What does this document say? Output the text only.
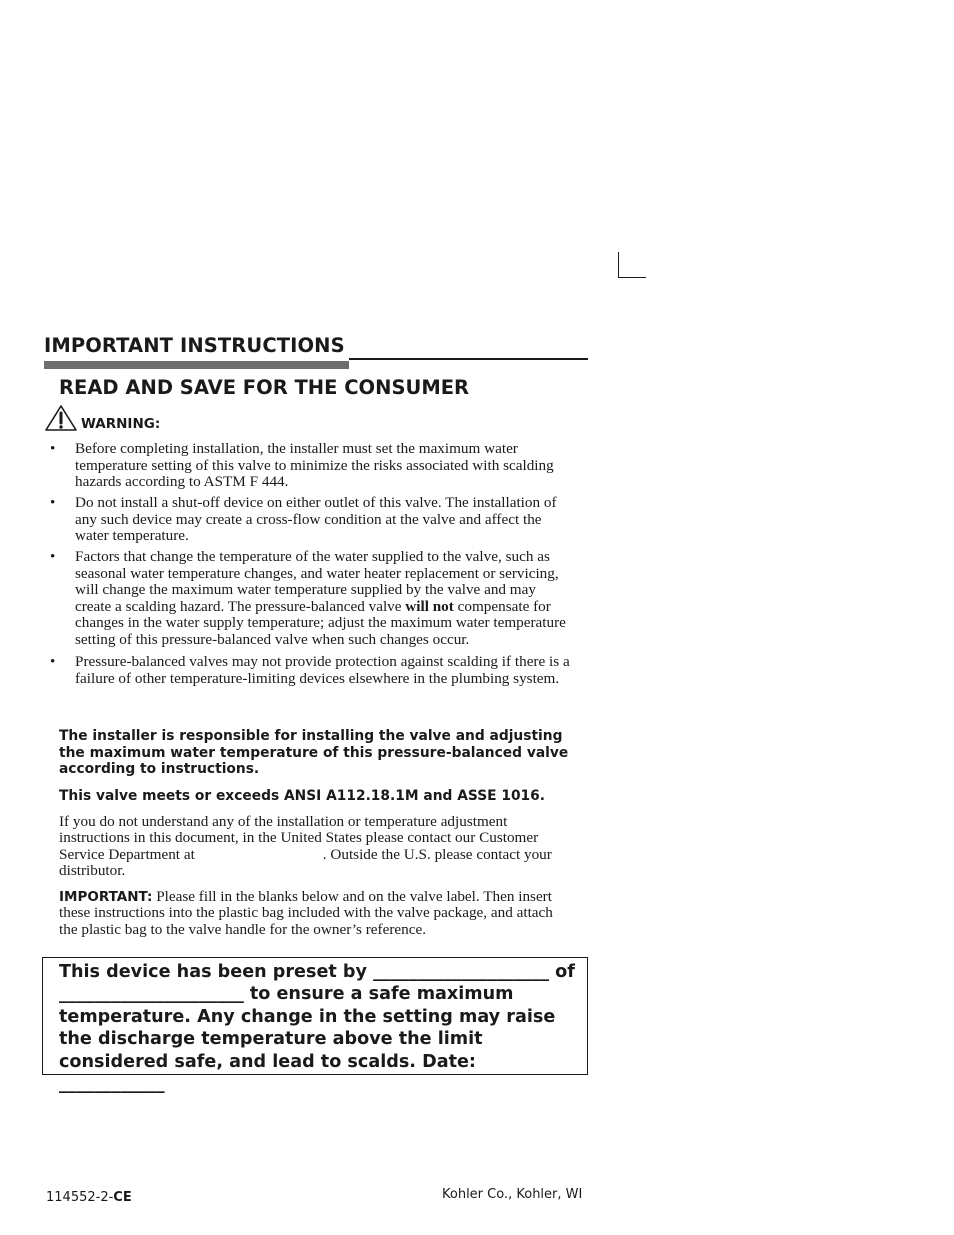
IMPORTANT INSTRUCTIONS
READ AND SAVE FOR THE CONSUMER
WARNING:
• Before completing installation, the installer must set the maximum water temperature setting of this valve to minimize the risks associated with scalding hazards according to ASTM F 444.
• Do not install a shut-off device on either outlet of this valve. The installation of any such device may create a cross-flow condition at the valve and affect the water temperature.
• Factors that change the temperature of the water supplied to the valve, such as seasonal water temperature changes, and water heater replacement or servicing, will change the maximum water temperature supplied by the valve and may create a scalding hazard. The pressure-balanced valve will not compensate for changes in the water supply temperature; adjust the maximum water temperature setting of this pressure-balanced valve when such changes occur.
• Pressure-balanced valves may not provide protection against scalding if there is a failure of other temperature-limiting devices elsewhere in the plumbing system.
The installer is responsible for installing the valve and adjusting the maximum water temperature of this pressure-balanced valve according to instructions.
This valve meets or exceeds ANSI A112.18.1M and ASSE 1016.
If you do not understand any of the installation or temperature adjustment instructions in this document, in the United States please contact our Customer Service Department at	. Outside the U.S. please contact your distributor.
IMPORTANT: Please fill in the blanks below and on the valve label. Then insert these instructions into the plastic bag included with the valve package, and attach the plastic bag to the valve handle for the owner’s reference.
This device has been preset by ____________________ of _____________________ to ensure a safe maximum temperature. Any change in the setting may raise the discharge temperature above the limit considered safe, and lead to scalds. Date: ____________
114552-2-CE	Kohler Co., Kohler, WI
